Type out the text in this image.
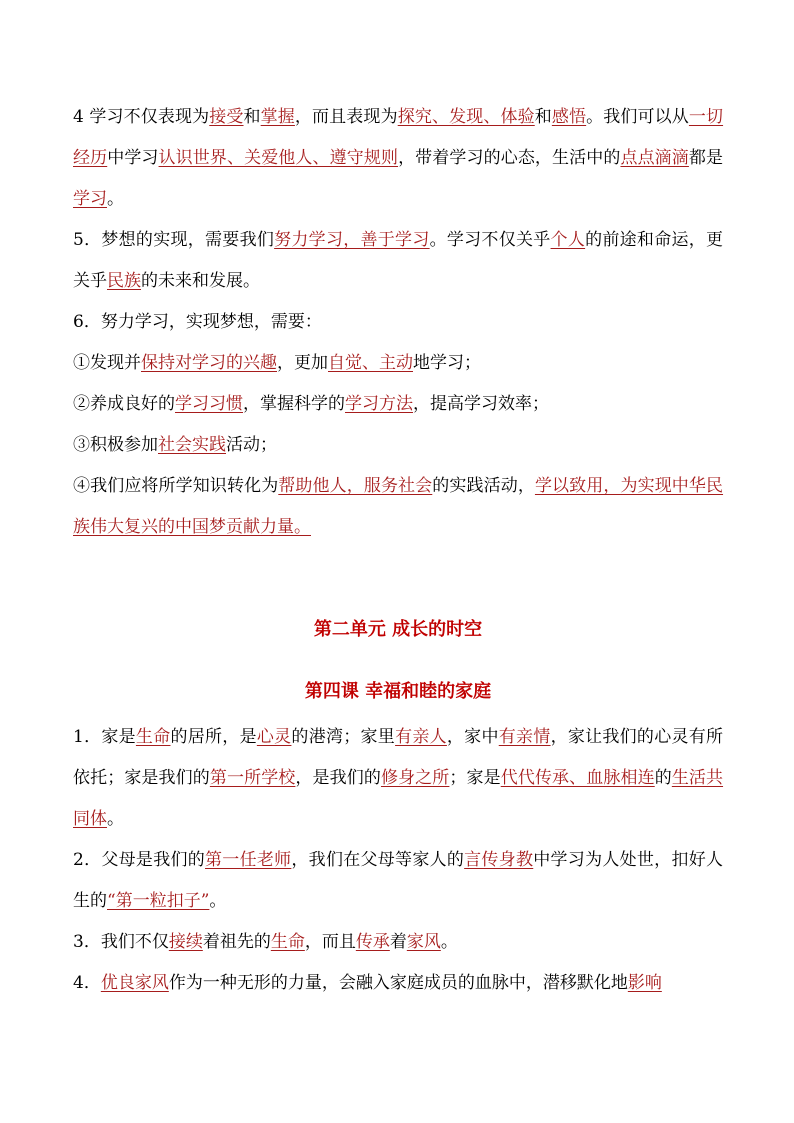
4 学习不仅表现为接受和掌握，而且表现为探究、发现、体验和感悟。我们可以从一切经历中学习认识世界、关爱他人、遵守规则，带着学习的心态，生活中的点点滴滴都是学习。

5．梦想的实现，需要我们努力学习，善于学习。学习不仅关乎个人的前途和命运，更关乎民族的未来和发展。

6．努力学习，实现梦想，需要：

①发现并保持对学习的兴趣，更加自觉、主动地学习；

②养成良好的学习习惯，掌握科学的学习方法，提高学习效率；

③积极参加社会实践活动；

④我们应将所学知识转化为帮助他人，服务社会的实践活动，学以致用，为实现中华民族伟大复兴的中国梦贡献力量。

第二单元 成长的时空
第四课 幸福和睦的家庭

1．家是生命的居所，是心灵的港湾；家里有亲人，家中有亲情，家让我们的心灵有所依托；家是我们的第一所学校，是我们的修身之所；家是代代传承、血脉相连的生活共同体。

2．父母是我们的第一任老师，我们在父母等家人的言传身教中学习为人处世，扣好人生的“第一粒扣子”。

3．我们不仅接续着祖先的生命，而且传承着家风。

4．优良家风作为一种无形的力量，会融入家庭成员的血脉中，潜移默化地影响
